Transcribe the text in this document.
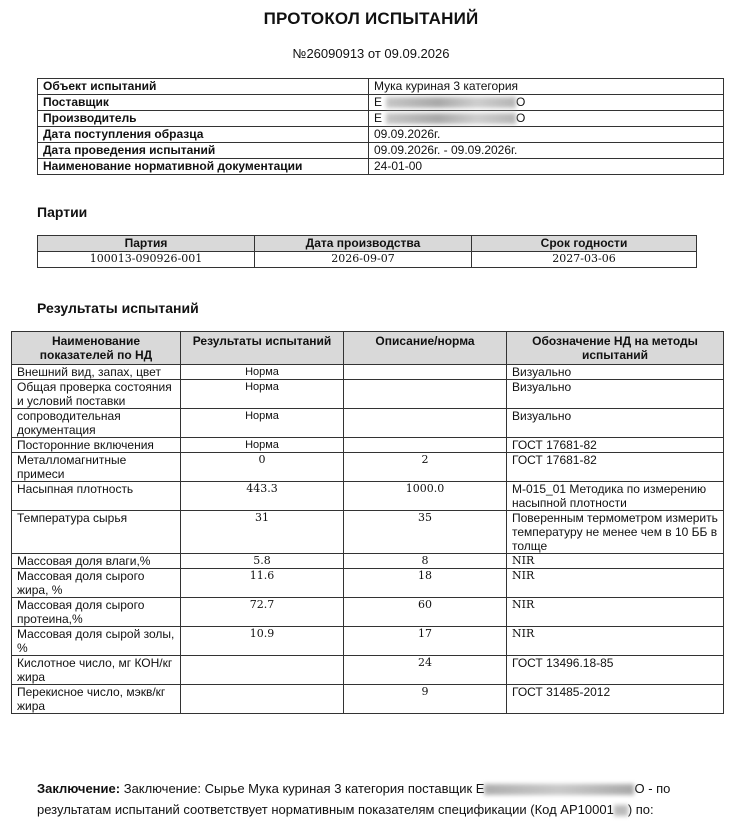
ПРОТОКОЛ ИСПЫТАНИЙ
№26090913 от 09.09.2026
Объект испытаний	Мука куриная 3 категория
Поставщик	Е О
Производитель	Е О
Дата поступления образца	09.09.2026г.
Дата проведения испытаний	09.09.2026г. - 09.09.2026г.
Наименование нормативной документации	24-01-00
Партии
Партия	Дата производства	Срок годности
100013-090926-001	2026-09-07	2027-03-06
Результаты испытаний
Наименование показателей по НД	Результаты испытаний	Описание/норма	Обозначение НД на методы испытаний
Внешний вид, запах, цвет	Норма		Визуально
Общая проверка состояния и условий поставки	Норма		Визуально
сопроводительная документация	Норма		Визуально
Посторонние включения	Норма		ГОСТ 17681-82
Металломагнитные примеси	0	2	ГОСТ 17681-82
Насыпная плотность	443.3	1000.0	М-015_01 Методика по измерению насыпной плотности
Температура сырья	31	35	Поверенным термометром измерить температуру не менее чем в 10 ББ в толще
Массовая доля влаги,%	5.8	8	NIR
Массовая доля сырого жира, %	11.6	18	NIR
Массовая доля сырого протеина,%	72.7	60	NIR
Массовая доля сырой золы, %	10.9	17	NIR
Кислотное число, мг КОН/кг жира		24	ГОСТ 13496.18-85
Перекисное число, мэкв/кг жира		9	ГОСТ 31485-2012
Заключение: Заключение: Сырье Мука куриная 3 категория поставщик Е	О - по результатам испытаний соответствует нормативным показателям спецификации (Код АР10001 ) по:
